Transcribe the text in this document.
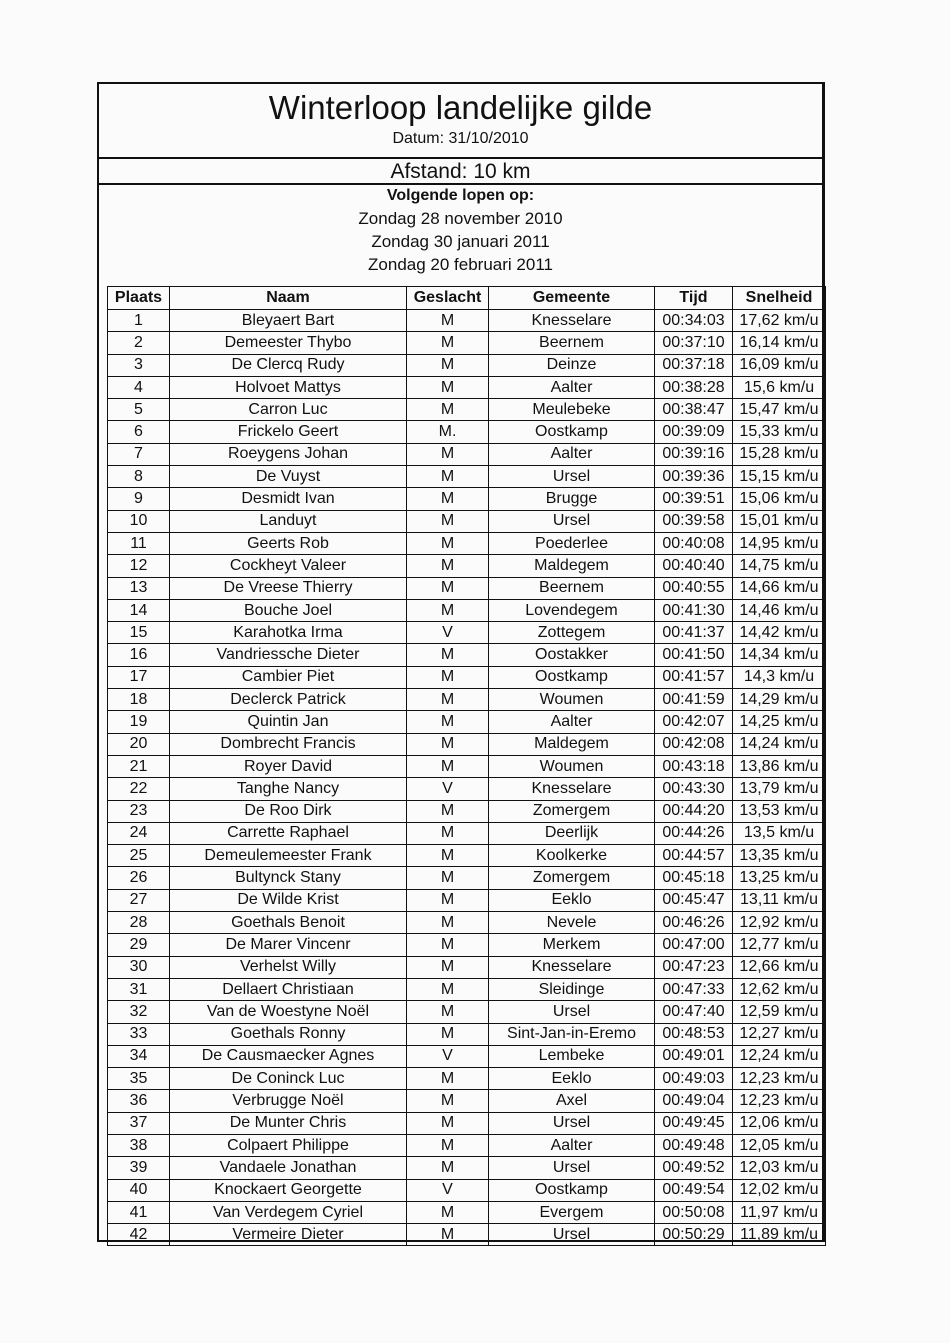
Winterloop landelijke gilde
Datum: 31/10/2010
Afstand: 10 km
Volgende lopen op:
Zondag 28 november 2010
Zondag 30 januari 2011
Zondag 20 februari 2011
Plaats	Naam	Geslacht	Gemeente	Tijd	Snelheid
1	Bleyaert Bart	M	Knesselare	00:34:03	17,62 km/u
2	Demeester Thybo	M	Beernem	00:37:10	16,14 km/u
3	De Clercq Rudy	M	Deinze	00:37:18	16,09 km/u
4	Holvoet Mattys	M	Aalter	00:38:28	15,6 km/u
5	Carron Luc	M	Meulebeke	00:38:47	15,47 km/u
6	Frickelo Geert	M.	Oostkamp	00:39:09	15,33 km/u
7	Roeygens Johan	M	Aalter	00:39:16	15,28 km/u
8	De Vuyst	M	Ursel	00:39:36	15,15 km/u
9	Desmidt Ivan	M	Brugge	00:39:51	15,06 km/u
10	Landuyt	M	Ursel	00:39:58	15,01 km/u
11	Geerts Rob	M	Poederlee	00:40:08	14,95 km/u
12	Cockheyt Valeer	M	Maldegem	00:40:40	14,75 km/u
13	De Vreese Thierry	M	Beernem	00:40:55	14,66 km/u
14	Bouche Joel	M	Lovendegem	00:41:30	14,46 km/u
15	Karahotka Irma	V	Zottegem	00:41:37	14,42 km/u
16	Vandriessche Dieter	M	Oostakker	00:41:50	14,34 km/u
17	Cambier Piet	M	Oostkamp	00:41:57	14,3 km/u
18	Declerck Patrick	M	Woumen	00:41:59	14,29 km/u
19	Quintin Jan	M	Aalter	00:42:07	14,25 km/u
20	Dombrecht Francis	M	Maldegem	00:42:08	14,24 km/u
21	Royer David	M	Woumen	00:43:18	13,86 km/u
22	Tanghe Nancy	V	Knesselare	00:43:30	13,79 km/u
23	De Roo Dirk	M	Zomergem	00:44:20	13,53 km/u
24	Carrette Raphael	M	Deerlijk	00:44:26	13,5 km/u
25	Demeulemeester Frank	M	Koolkerke	00:44:57	13,35 km/u
26	Bultynck Stany	M	Zomergem	00:45:18	13,25 km/u
27	De Wilde Krist	M	Eeklo	00:45:47	13,11 km/u
28	Goethals Benoit	M	Nevele	00:46:26	12,92 km/u
29	De Marer Vincenr	M	Merkem	00:47:00	12,77 km/u
30	Verhelst Willy	M	Knesselare	00:47:23	12,66 km/u
31	Dellaert Christiaan	M	Sleidinge	00:47:33	12,62 km/u
32	Van de Woestyne Noël	M	Ursel	00:47:40	12,59 km/u
33	Goethals Ronny	M	Sint-Jan-in-Eremo	00:48:53	12,27 km/u
34	De Causmaecker Agnes	V	Lembeke	00:49:01	12,24 km/u
35	De Coninck Luc	M	Eeklo	00:49:03	12,23 km/u
36	Verbrugge Noël	M	Axel	00:49:04	12,23 km/u
37	De Munter Chris	M	Ursel	00:49:45	12,06 km/u
38	Colpaert Philippe	M	Aalter	00:49:48	12,05 km/u
39	Vandaele Jonathan	M	Ursel	00:49:52	12,03 km/u
40	Knockaert Georgette	V	Oostkamp	00:49:54	12,02 km/u
41	Van Verdegem Cyriel	M	Evergem	00:50:08	11,97 km/u
42	Vermeire Dieter	M	Ursel	00:50:29	11,89 km/u
